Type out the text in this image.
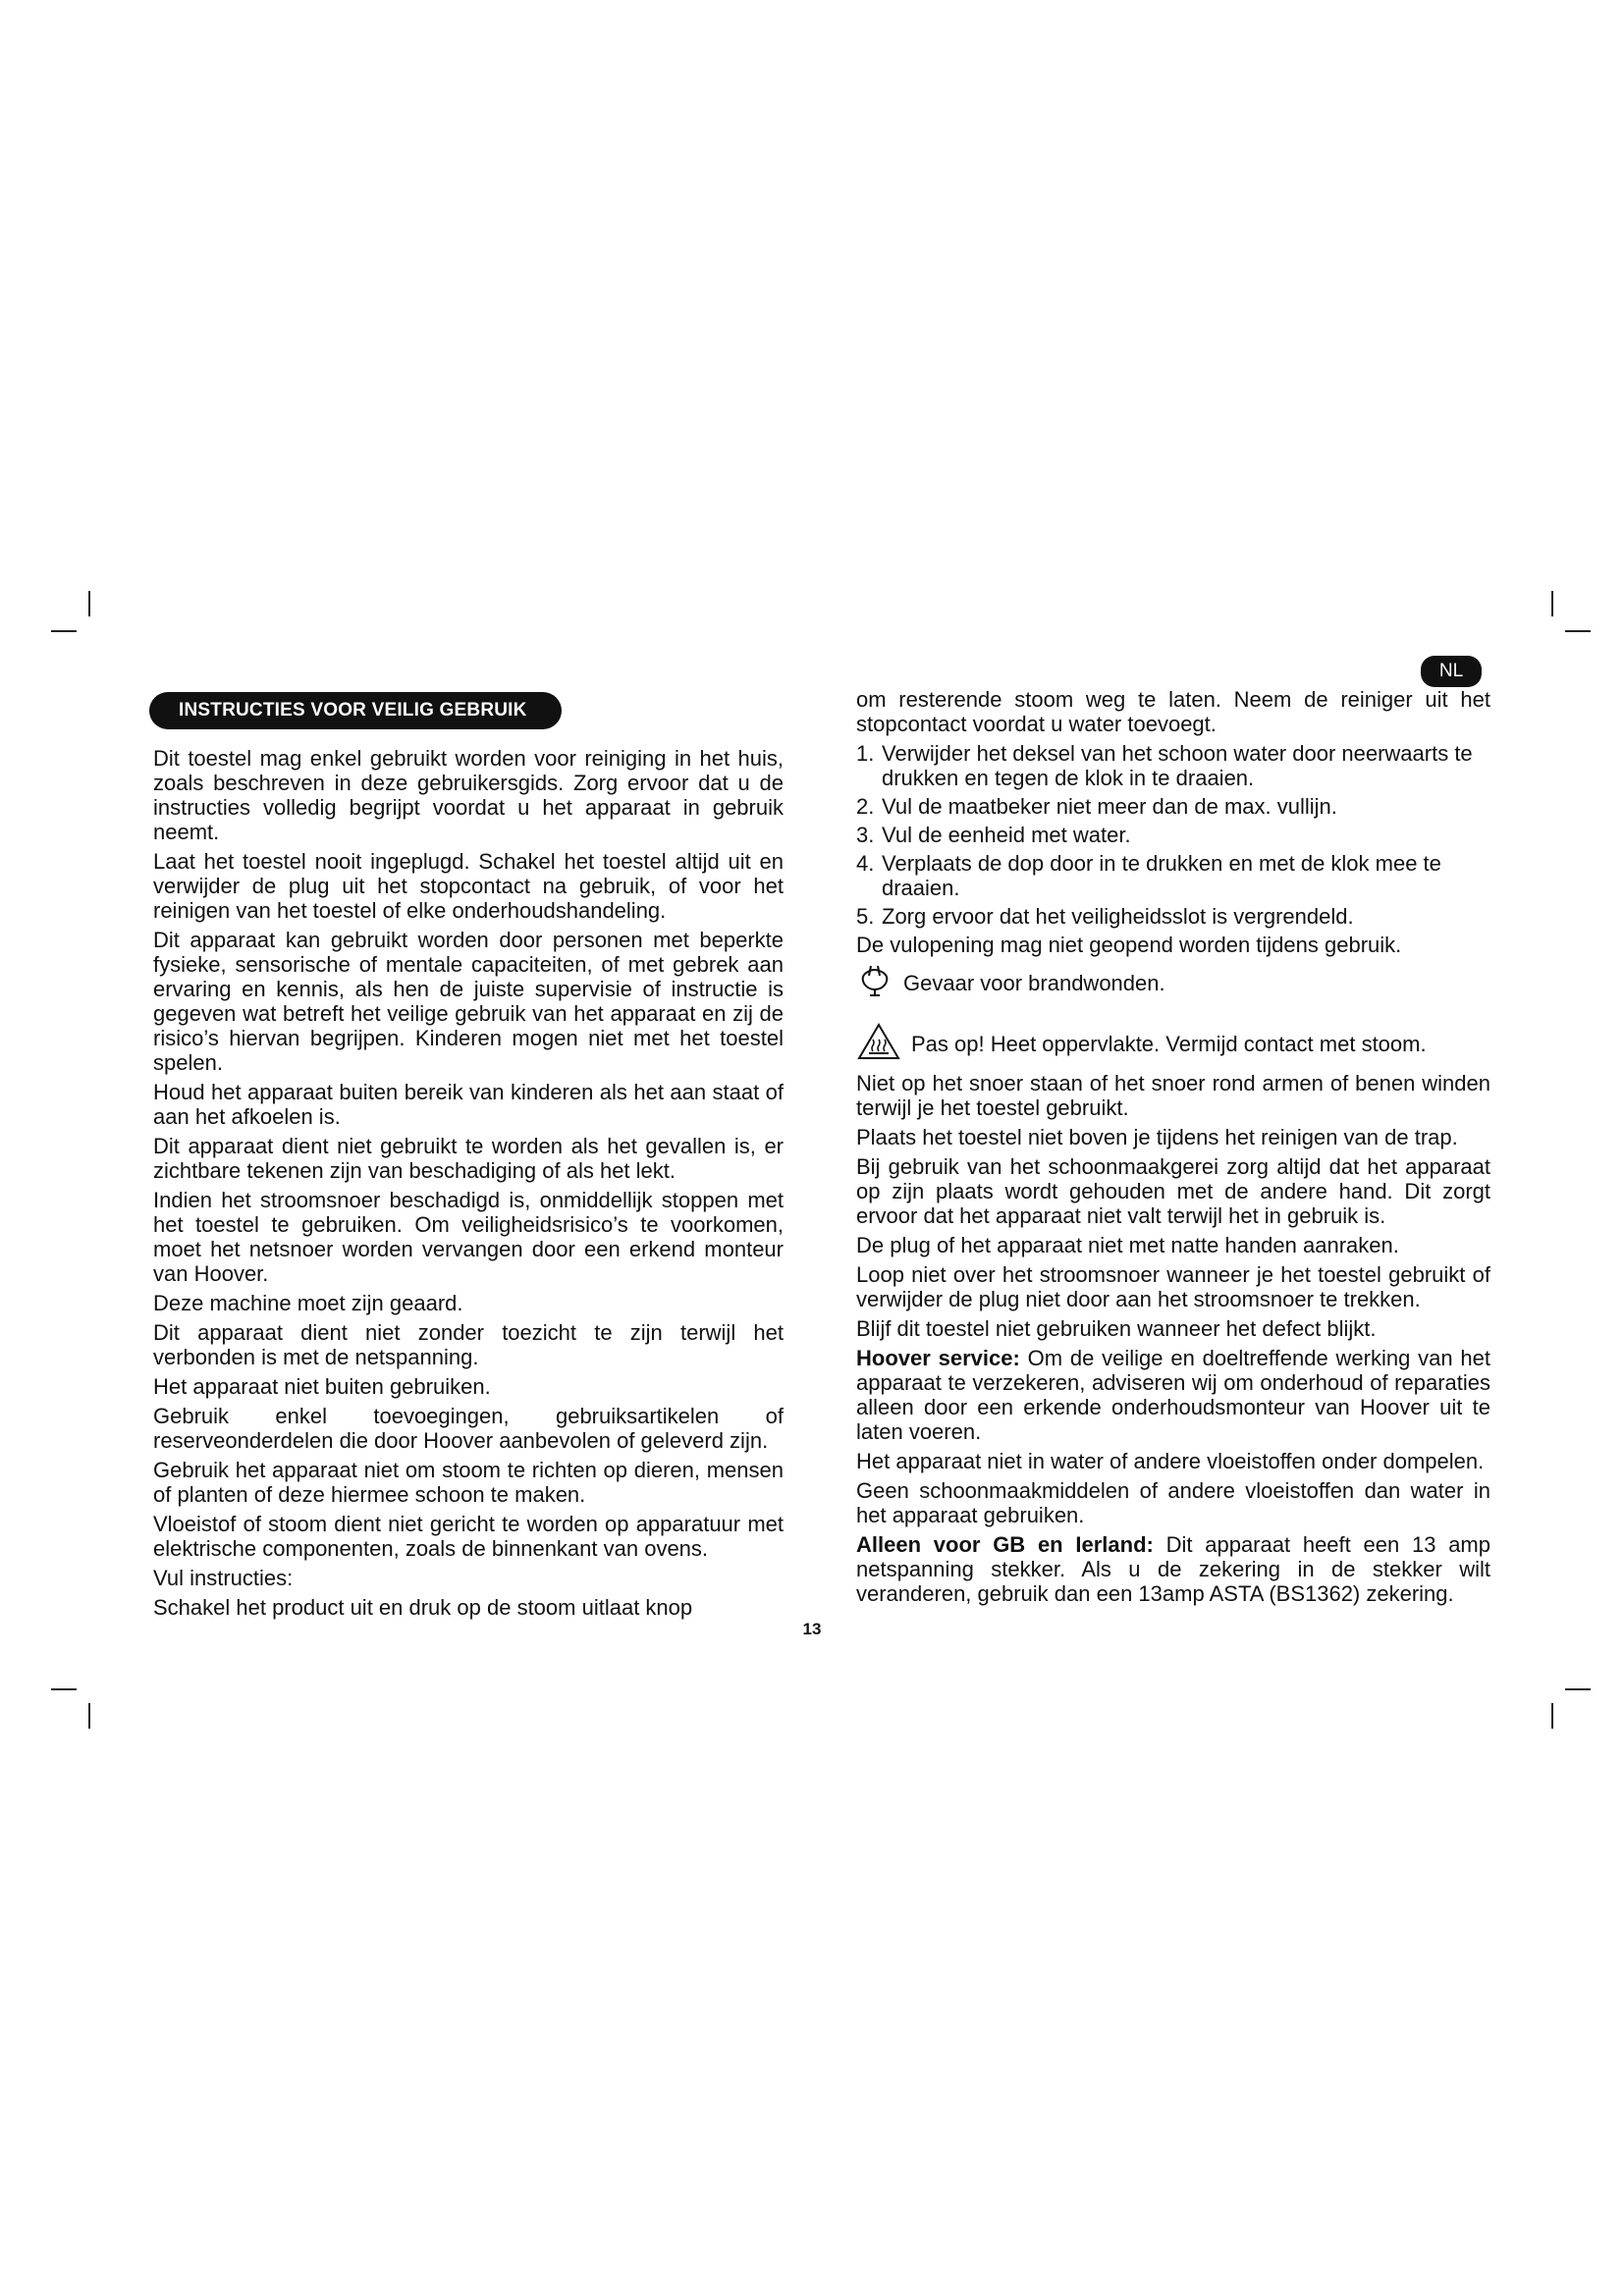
NL
INSTRUCTIES VOOR VEILIG GEBRUIK

Dit toestel mag enkel gebruikt worden voor reiniging in het huis, zoals beschreven in deze gebruikersgids. Zorg ervoor dat u de instructies volledig begrijpt voordat u het apparaat in gebruik neemt.

Laat het toestel nooit ingeplugd. Schakel het toestel altijd uit en verwijder de plug uit het stopcontact na gebruik, of voor het reinigen van het toestel of elke onderhoudshandeling.

Dit apparaat kan gebruikt worden door personen met beperkte fysieke, sensorische of mentale capaciteiten, of met gebrek aan ervaring en kennis, als hen de juiste supervisie of instructie is gegeven wat betreft het veilige gebruik van het apparaat en zij de risico’s hiervan begrijpen. Kinderen mogen niet met het toestel spelen.

Houd het apparaat buiten bereik van kinderen als het aan staat of aan het afkoelen is.

Dit apparaat dient niet gebruikt te worden als het gevallen is, er zichtbare tekenen zijn van beschadiging of als het lekt.

Indien het stroomsnoer beschadigd is, onmiddellijk stoppen met het toestel te gebruiken. Om veiligheidsrisico’s te voorkomen, moet het netsnoer worden vervangen door een erkend monteur van Hoover.

Deze machine moet zijn geaard.

Dit apparaat dient niet zonder toezicht te zijn terwijl het verbonden is met de netspanning.

Het apparaat niet buiten gebruiken.

Gebruik enkel toevoegingen, gebruiksartikelen of reserveonderdelen die door Hoover aanbevolen of geleverd zijn.

Gebruik het apparaat niet om stoom te richten op dieren, mensen of planten of deze hiermee schoon te maken.

Vloeistof of stoom dient niet gericht te worden op apparatuur met elektrische componenten, zoals de binnenkant van ovens.

Vul instructies:

Schakel het product uit en druk op de stoom uitlaat knop

om resterende stoom weg te laten. Neem de reiniger uit het stopcontact voordat u water toevoegt.

1. Verwijder het deksel van het schoon water door neerwaarts te drukken en tegen de klok in te draaien.
2. Vul de maatbeker niet meer dan de max. vullijn.
3. Vul de eenheid met water.
4. Verplaats de dop door in te drukken en met de klok mee te draaien.
5. Zorg ervoor dat het veiligheidsslot is vergrendeld.

De vulopening mag niet geopend worden tijdens gebruik.

Gevaar voor brandwonden.
Pas op! Heet oppervlakte. Vermijd contact met stoom.

Niet op het snoer staan of het snoer rond armen of benen winden terwijl je het toestel gebruikt.

Plaats het toestel niet boven je tijdens het reinigen van de trap.

Bij gebruik van het schoonmaakgerei zorg altijd dat het apparaat op zijn plaats wordt gehouden met de andere hand. Dit zorgt ervoor dat het apparaat niet valt terwijl het in gebruik is.

De plug of het apparaat niet met natte handen aanraken.

Loop niet over het stroomsnoer wanneer je het toestel gebruikt of verwijder de plug niet door aan het stroomsnoer te trekken.

Blijf dit toestel niet gebruiken wanneer het defect blijkt.

Hoover service: Om de veilige en doeltreffende werking van het apparaat te verzekeren, adviseren wij om onderhoud of reparaties alleen door een erkende onderhoudsmonteur van Hoover uit te laten voeren.

Het apparaat niet in water of andere vloeistoffen onder dompelen.

Geen schoonmaakmiddelen of andere vloeistoffen dan water in het apparaat gebruiken.

Alleen voor GB en Ierland: Dit apparaat heeft een 13 amp netspanning stekker. Als u de zekering in de stekker wilt veranderen, gebruik dan een 13amp ASTA (BS1362) zekering.

13
